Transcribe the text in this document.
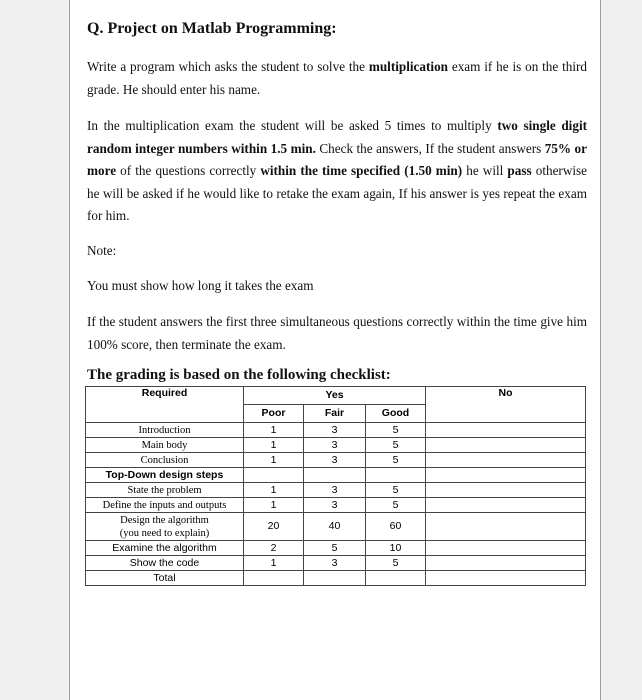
Q. Project on Matlab Programming:
Write a program which asks the student to solve the multiplication exam if he is on the third grade. He should enter his name.
In the multiplication exam the student will be asked 5 times to multiply two single digit random integer numbers within 1.5 min. Check the answers, If the student answers 75% or more of the questions correctly within the time specified (1.50 min) he will pass otherwise he will be asked if he would like to retake the exam again, If his answer is yes repeat the exam for him.
Note:
You must show how long it takes the exam
If the student answers the first three simultaneous questions correctly within the time give him 100% score, then terminate the exam.
The grading is based on the following checklist:
Required	Yes			No
	Poor	Fair	Good	
Introduction	1	3	5	
Main body	1	3	5	
Conclusion	1	3	5	
Top-Down design steps				
State the problem	1	3	5	
Define the inputs and outputs	1	3	5	

Design the algorithm
(you need to explain)	20	40	60	
Examine the algorithm	2	5	10	
Show the code	1	3	5	
Total				
